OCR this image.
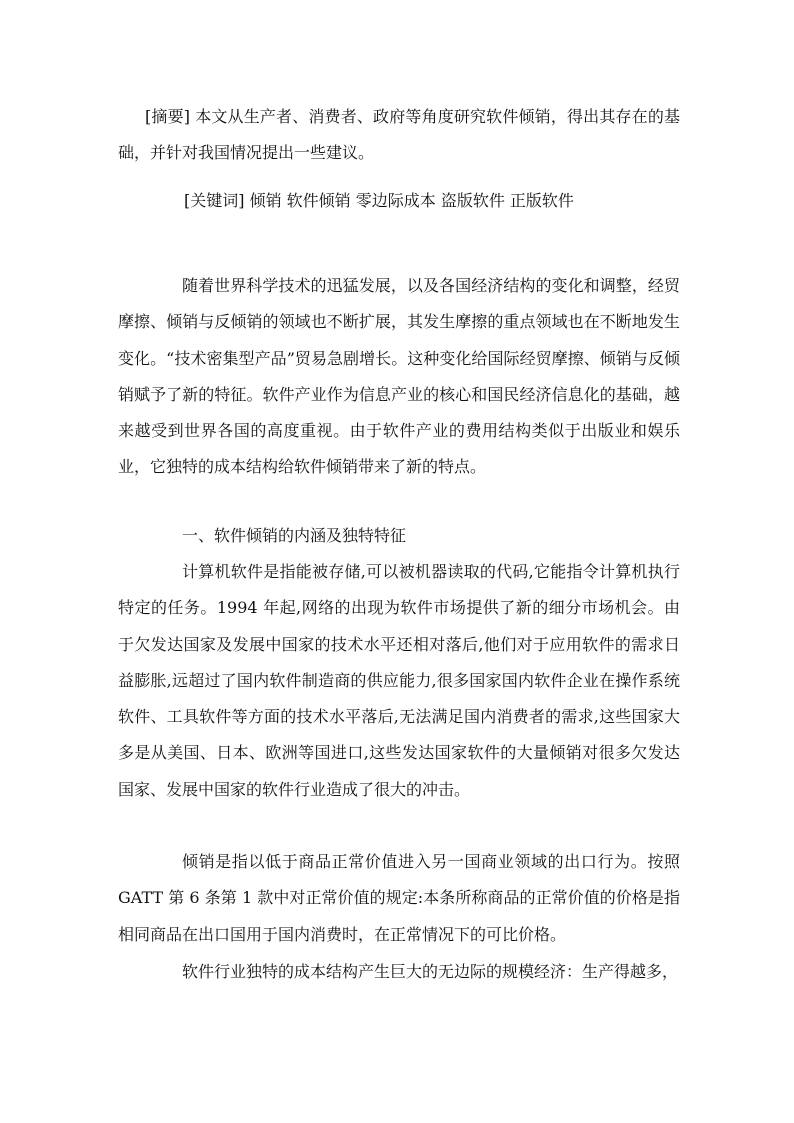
[摘要] 本文从生产者、消费者、政府等角度研究软件倾销，得出其存在的基础，并针对我国情况提出一些建议。

[关键词] 倾销 软件倾销 零边际成本 盗版软件 正版软件

随着世界科学技术的迅猛发展，以及各国经济结构的变化和调整，经贸摩擦、倾销与反倾销的领域也不断扩展，其发生摩擦的重点领域也在不断地发生变化。“技术密集型产品”贸易急剧增长。这种变化给国际经贸摩擦、倾销与反倾销赋予了新的特征。软件产业作为信息产业的核心和国民经济信息化的基础，越来越受到世界各国的高度重视。由于软件产业的费用结构类似于出版业和娱乐业，它独特的成本结构给软件倾销带来了新的特点。

一、软件倾销的内涵及独特特征

计算机软件是指能被存储,可以被机器读取的代码,它能指令计算机执行特定的任务。1994 年起,网络的出现为软件市场提供了新的细分市场机会。由于欠发达国家及发展中国家的技术水平还相对落后,他们对于应用软件的需求日益膨胀,远超过了国内软件制造商的供应能力,很多国家国内软件企业在操作系统软件、工具软件等方面的技术水平落后,无法满足国内消费者的需求,这些国家大多是从美国、日本、欧洲等国进口,这些发达国家软件的大量倾销对很多欠发达国家、发展中国家的软件行业造成了很大的冲击。

倾销是指以低于商品正常价值进入另一国商业领域的出口行为。按照 GATT 第 6 条第 1 款中对正常价值的规定:本条所称商品的正常价值的价格是指相同商品在出口国用于国内消费时，在正常情况下的可比价格。

软件行业独特的成本结构产生巨大的无边际的规模经济：生产得越多，
